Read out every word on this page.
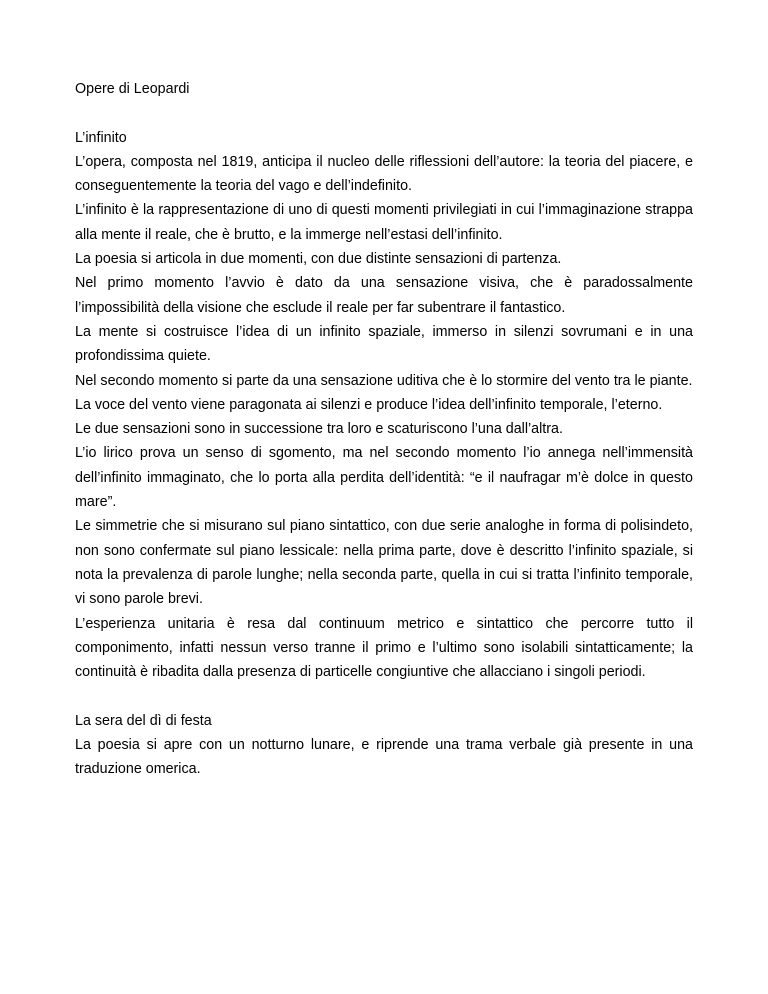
Opere di Leopardi

L’infinito

L’opera, composta nel 1819, anticipa il nucleo delle riflessioni dell’autore: la teoria del piacere, e conseguentemente la teoria del vago e dell’indefinito.

L’infinito è la rappresentazione di uno di questi momenti privilegiati in cui l’immaginazione strappa alla mente il reale, che è brutto, e la immerge nell’estasi dell’infinito.

La poesia si articola in due momenti, con due distinte sensazioni di partenza.

Nel primo momento l’avvio è dato da una sensazione visiva, che è paradossalmente l’impossibilità della visione che esclude il reale per far subentrare il fantastico.

La mente si costruisce l’idea di un infinito spaziale, immerso in silenzi sovrumani e in una profondissima quiete.

Nel secondo momento si parte da una sensazione uditiva che è lo stormire del vento tra le piante.

La voce del vento viene paragonata ai silenzi e produce l’idea dell’infinito temporale, l’eterno.

Le due sensazioni sono in successione tra loro e scaturiscono l’una dall’altra.

L’io lirico prova un senso di sgomento, ma nel secondo momento l’io annega nell’immensità dell’infinito immaginato, che lo porta alla perdita dell’identità: “e il naufragar m’è dolce in questo mare”.

Le simmetrie che si misurano sul piano sintattico, con due serie analoghe in forma di polisindeto, non sono confermate sul piano lessicale: nella prima parte, dove è descritto l’infinito spaziale, si nota la prevalenza di parole lunghe; nella seconda parte, quella in cui si tratta l’infinito temporale, vi sono parole brevi.

L’esperienza unitaria è resa dal continuum metrico e sintattico che percorre tutto il componimento, infatti nessun verso tranne il primo e l’ultimo sono isolabili sintatticamente; la continuità è ribadita dalla presenza di particelle congiuntive che allacciano i singoli periodi.

La sera del dì di festa

La poesia si apre con un notturno lunare, e riprende una trama verbale già presente in una traduzione omerica.
